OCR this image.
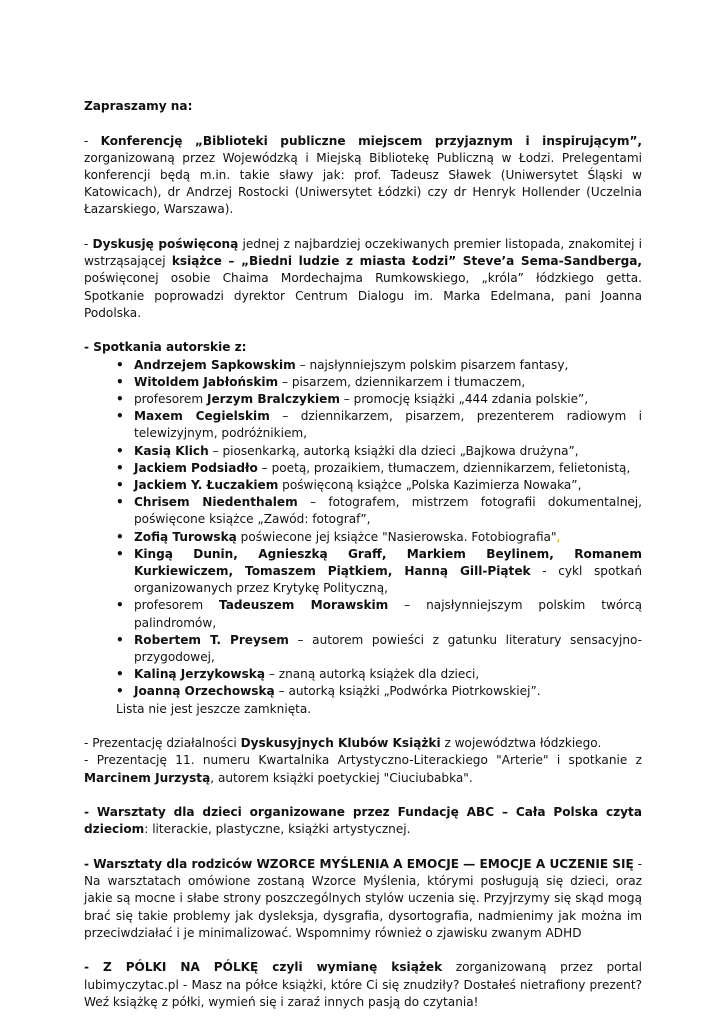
Zapraszamy na:

- Konferencję „Biblioteki publiczne miejscem przyjaznym i inspirującym”, zorganizowaną przez Wojewódzką i Miejską Bibliotekę Publiczną w Łodzi. Prelegentami konferencji będą m.in. takie sławy jak: prof. Tadeusz Sławek (Uniwersytet Śląski w Katowicach), dr Andrzej Rostocki (Uniwersytet Łódzki) czy dr Henryk Hollender (Uczelnia Łazarskiego, Warszawa).

- Dyskusję poświęconą jednej z najbardziej oczekiwanych premier listopada, znakomitej i wstrząsającej książce – „Biedni ludzie z miasta Łodzi” Steve’a Sema-Sandberga, poświęconej osobie Chaima Mordechajma Rumkowskiego, „króla” łódzkiego getta. Spotkanie poprowadzi dyrektor Centrum Dialogu im. Marka Edelmana, pani Joanna Podolska.

- Spotkania autorskie z:

• Andrzejem Sapkowskim – najsłynniejszym polskim pisarzem fantasy,
• Witoldem Jabłońskim – pisarzem, dziennikarzem i tłumaczem,
• profesorem Jerzym Bralczykiem – promocję książki „444 zdania polskie”,
• Maxem Cegielskim – dziennikarzem, pisarzem, prezenterem radiowym i telewizyjnym, podróżnikiem,
• Kasią Klich – piosenkarką, autorką książki dla dzieci „Bajkowa drużyna”,
• Jackiem Podsiadło – poetą, prozaikiem, tłumaczem, dziennikarzem, felietonistą,
• Jackiem Y. Łuczakiem poświęconą książce „Polska Kazimierza Nowaka”,
• Chrisem Niedenthalem – fotografem, mistrzem fotografii dokumentalnej, poświęcone książce „Zawód: fotograf”,
• Zofią Turowską poświecone jej książce "Nasierowska. Fotobiografia",
• Kingą Dunin, Agnieszką Graff, Markiem Beylinem, Romanem Kurkiewiczem, Tomaszem Piątkiem, Hanną Gill-Piątek - cykl spotkań organizowanych przez Krytykę Polityczną,
• profesorem Tadeuszem Morawskim – najsłynniejszym polskim twórcą palindromów,
• Robertem T. Preysem – autorem powieści z gatunku literatury sensacyjno- przygodowej,
• Kaliną Jerzykowską – znaną autorką książek dla dzieci,
• Joanną Orzechowską – autorką książki „Podwórka Piotrkowskiej”.

Lista nie jest jeszcze zamknięta.

- Prezentację działalności Dyskusyjnych Klubów Książki z województwa łódzkiego.

- Prezentację 11. numeru Kwartalnika Artystyczno-Literackiego "Arterie" i spotkanie z Marcinem Jurzystą, autorem książki poetyckiej "Ciuciubabka".

- Warsztaty dla dzieci organizowane przez Fundację ABC – Cała Polska czyta dzieciom: literackie, plastyczne, książki artystycznej.

- Warsztaty dla rodziców WZORCE MYŚLENIA A EMOCJE — EMOCJE A UCZENIE SIĘ - Na warsztatach omówione zostaną Wzorce Myślenia, którymi posługują się dzieci, oraz jakie są mocne i słabe strony poszczególnych stylów uczenia się. Przyjrzymy się skąd mogą brać się takie problemy jak dysleksja, dysgrafia, dysortografia, nadmienimy jak można im przeciwdziałać i je minimalizować. Wspomnimy również o zjawisku zwanym ADHD

- Z PÓLKI NA PÓLKĘ czyli wymianę książek zorganizowaną przez portal lubimyczytac.pl - Masz na półce książki, które Ci się znudziły? Dostałeś nietrafiony prezent? Weź książkę z półki, wymień się i zaraź innych pasją do czytania!
